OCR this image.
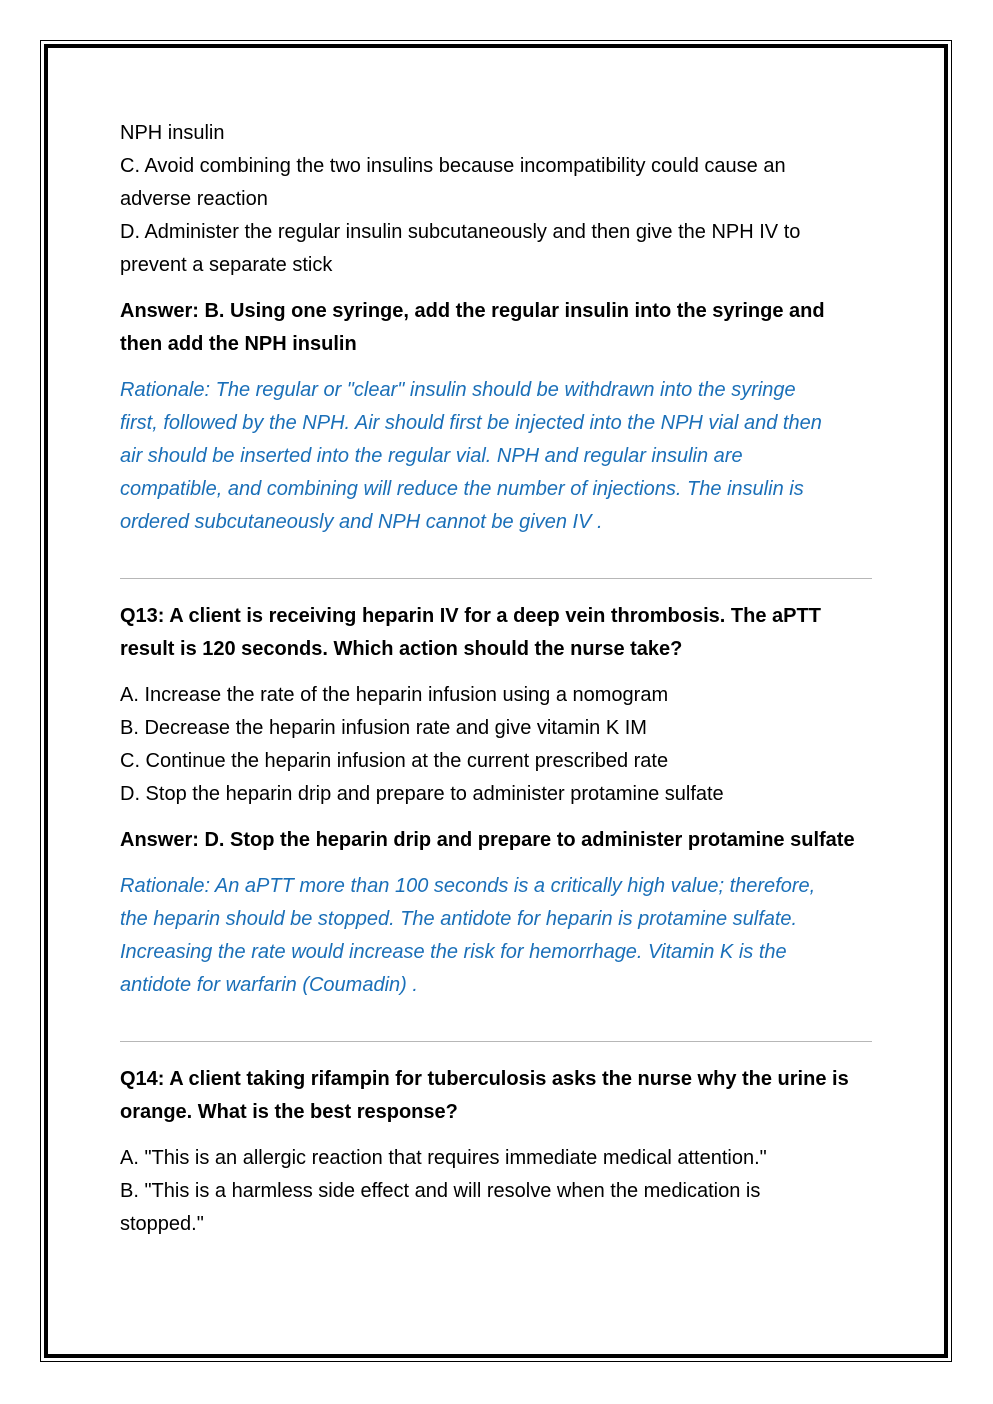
NPH insulin

C. Avoid combining the two insulins because incompatibility could cause an

adverse reaction

D. Administer the regular insulin subcutaneously and then give the NPH IV to

prevent a separate stick

Answer: B. Using one syringe, add the regular insulin into the syringe and

then add the NPH insulin

Rationale: The regular or "clear" insulin should be withdrawn into the syringe

first, followed by the NPH. Air should first be injected into the NPH vial and then

air should be inserted into the regular vial. NPH and regular insulin are

compatible, and combining will reduce the number of injections. The insulin is

ordered subcutaneously and NPH cannot be given IV .

Q13: A client is receiving heparin IV for a deep vein thrombosis. The aPTT

result is 120 seconds. Which action should the nurse take?

A. Increase the rate of the heparin infusion using a nomogram

B. Decrease the heparin infusion rate and give vitamin K IM

C. Continue the heparin infusion at the current prescribed rate

D. Stop the heparin drip and prepare to administer protamine sulfate

Answer: D. Stop the heparin drip and prepare to administer protamine sulfate

Rationale: An aPTT more than 100 seconds is a critically high value; therefore,

the heparin should be stopped. The antidote for heparin is protamine sulfate.

Increasing the rate would increase the risk for hemorrhage. Vitamin K is the

antidote for warfarin (Coumadin) .

Q14: A client taking rifampin for tuberculosis asks the nurse why the urine is

orange. What is the best response?

A. "This is an allergic reaction that requires immediate medical attention."

B. "This is a harmless side effect and will resolve when the medication is

stopped."
